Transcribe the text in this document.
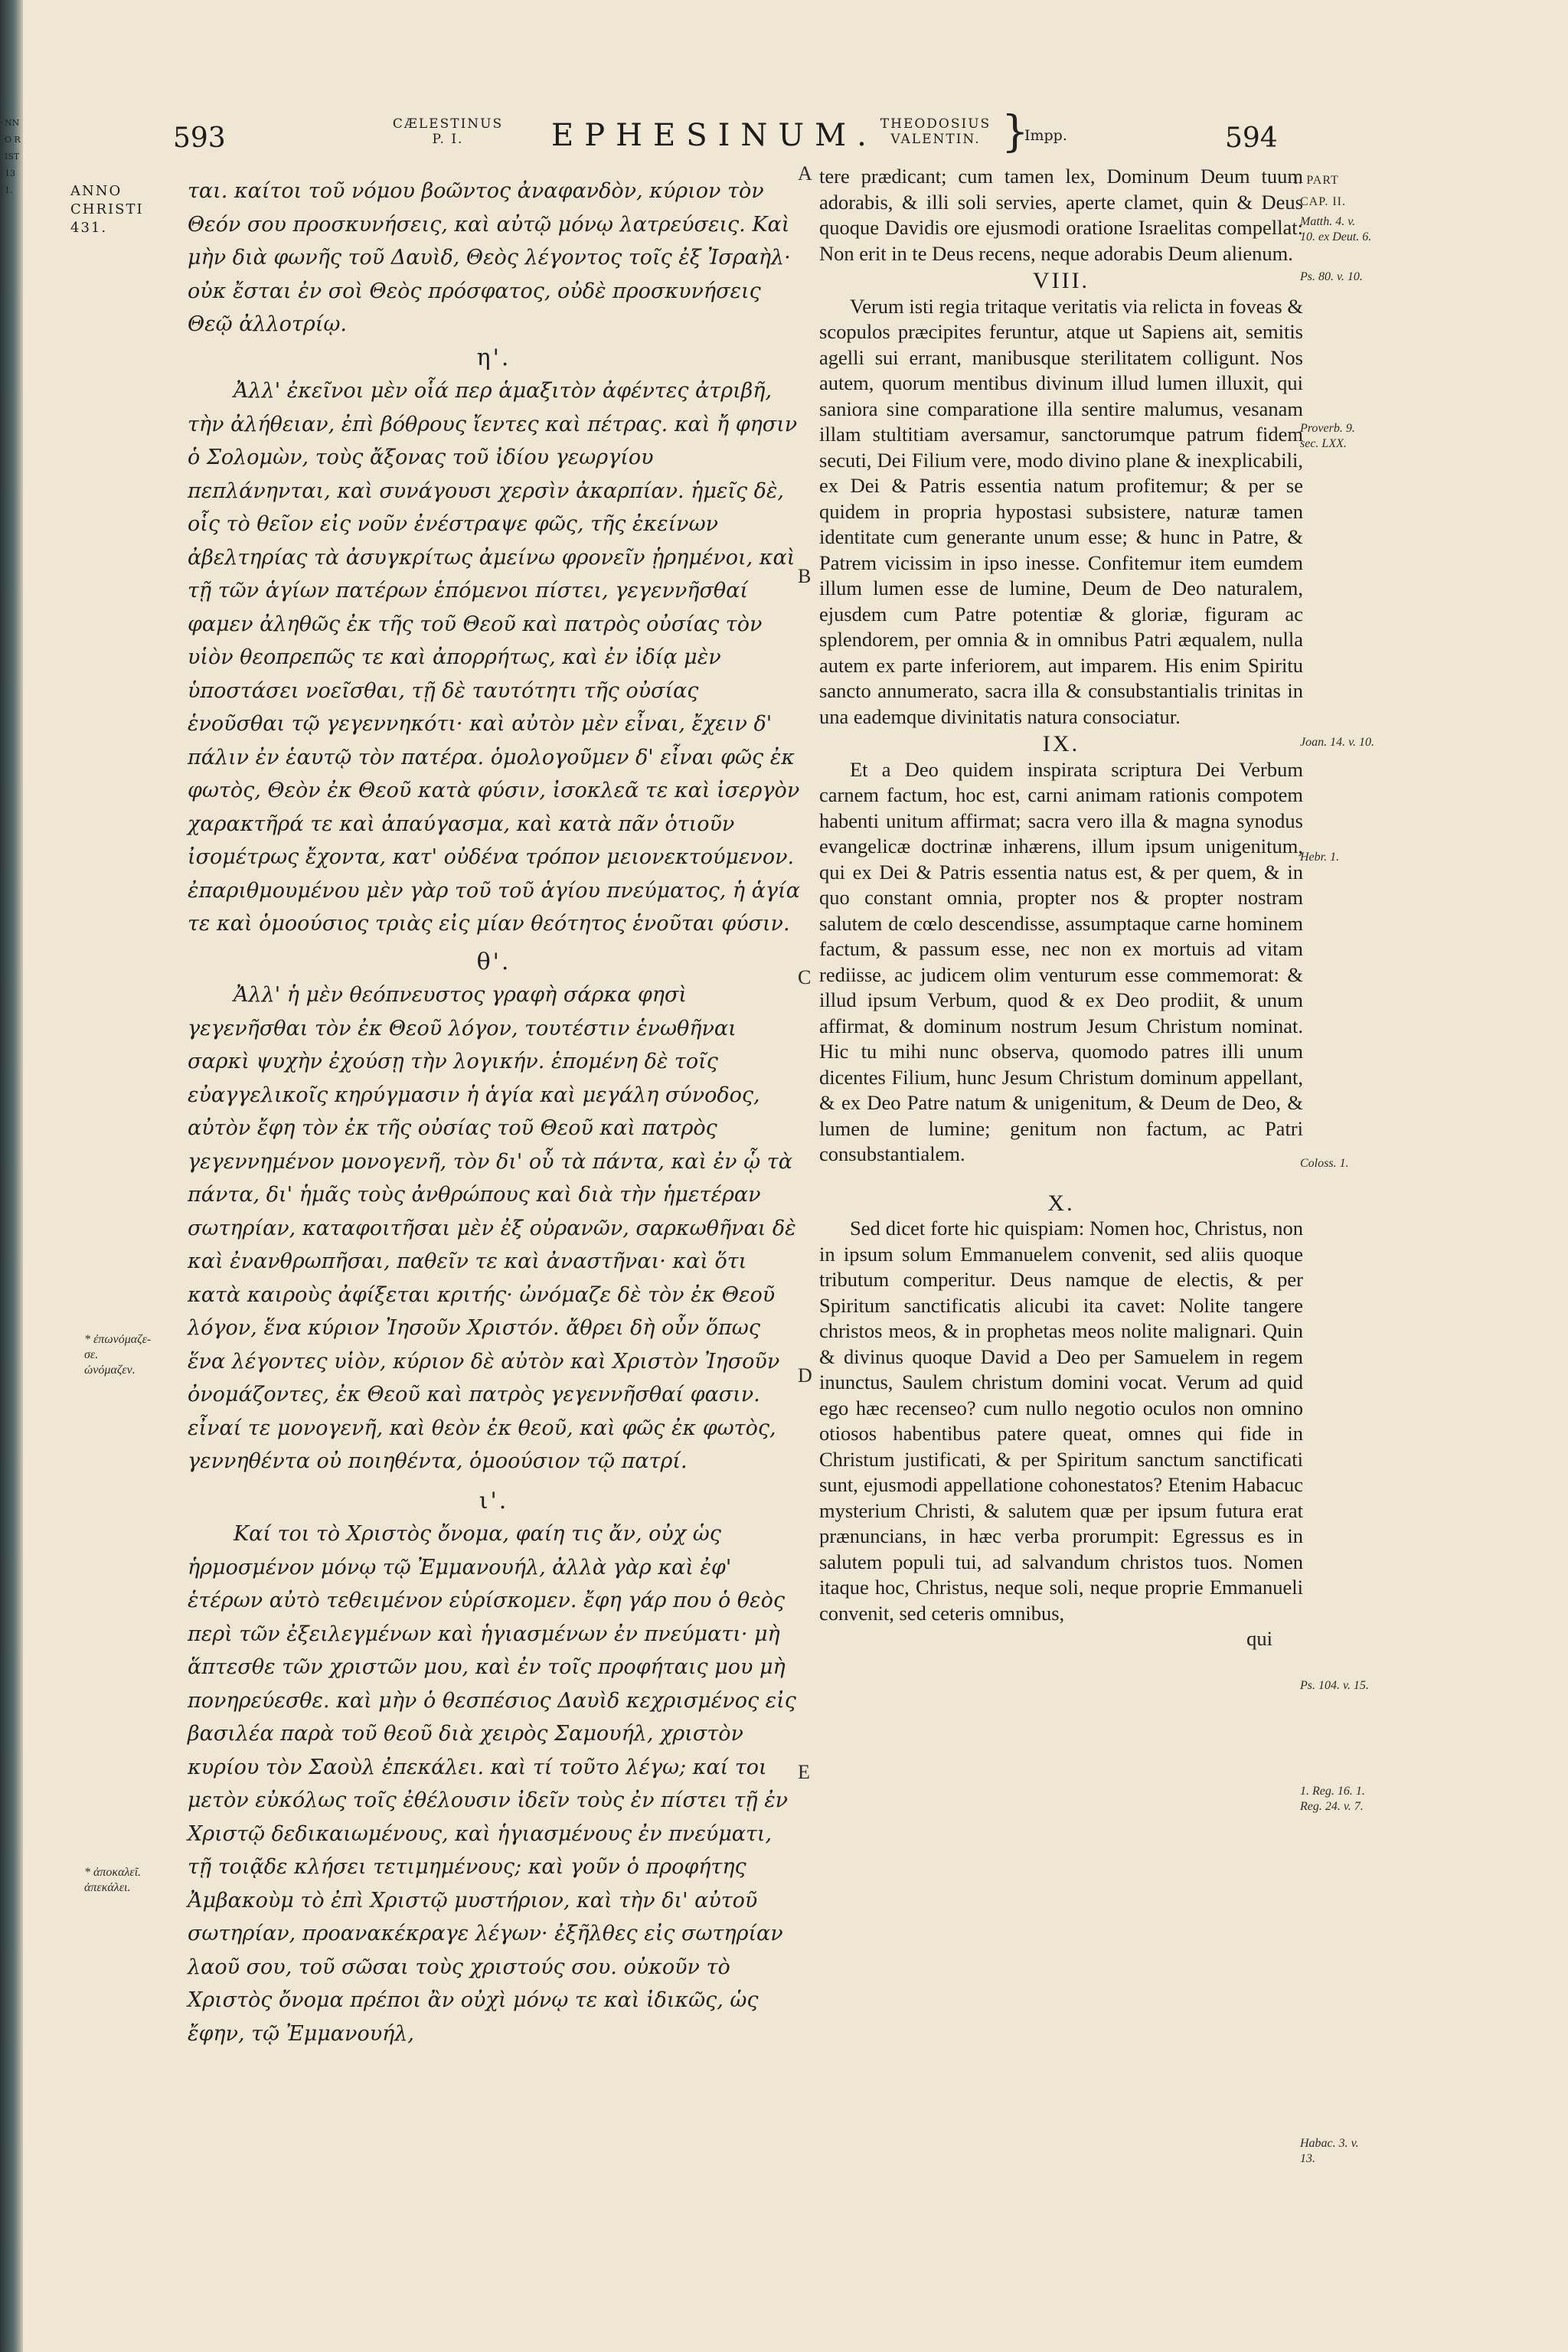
NNO RIST 131.
593	CÆLESTINUS
P. I.	EPHESINUM. THEODOSIUS
VALENTIN. }
Impp.	594
ANNO
CHRISTI
431.

ται. καίτοι τοῦ νόμου βοῶντος ἀναφανδὸν, κύριον τὸν Θεόν σου προσκυνήσεις, καὶ αὐτῷ μόνῳ λατρεύσεις. Καὶ μὴν διὰ φωνῆς τοῦ Δαυὶδ, Θεὸς λέγοντος τοῖς ἐξ Ἰσραὴλ· οὐκ ἔσται ἐν σοὶ Θεὸς πρόσφατος, οὐδὲ προσκυνήσεις Θεῷ ἀλλοτρίῳ.

η'.

Ἀλλ' ἐκεῖνοι μὲν οἷά περ ἁμαξιτὸν ἀφέντες ἀτριβῆ, τὴν ἀλήθειαν, ἐπὶ βόθρους ἴεντες καὶ πέτρας. καὶ ἤ φησιν ὁ Σολομὼν, τοὺς ἄξονας τοῦ ἰδίου γεωργίου πεπλάνηνται, καὶ συνάγουσι χερσὶν ἀκαρπίαν. ἡμεῖς δὲ, οἷς τὸ θεῖον εἰς νοῦν ἐνέστραψε φῶς, τῆς ἐκείνων ἀβελτηρίας τὰ ἀσυγκρίτως ἀμείνω φρονεῖν ᾑρημένοι, καὶ τῇ τῶν ἁγίων πατέρων ἑπόμενοι πίστει, γεγεννῆσθαί φαμεν ἀληθῶς ἐκ τῆς τοῦ Θεοῦ καὶ πατρὸς οὐσίας τὸν υἱὸν θεοπρεπῶς τε καὶ ἀπορρήτως, καὶ ἐν ἰδίᾳ μὲν ὑποστάσει νοεῖσθαι, τῇ δὲ ταυτότητι τῆς οὐσίας ἑνοῦσθαι τῷ γεγεννηκότι· καὶ αὐτὸν μὲν εἶναι, ἔχειν δ' πάλιν ἐν ἑαυτῷ τὸν πατέρα. ὁμολογοῦμεν δ' εἶναι φῶς ἐκ φωτὸς, Θεὸν ἐκ Θεοῦ κατὰ φύσιν, ἰσοκλεᾶ τε καὶ ἰσεργὸν χαρακτῆρά τε καὶ ἀπαύγασμα, καὶ κατὰ πᾶν ὁτιοῦν ἰσομέτρως ἔχοντα, κατ' οὐδένα τρόπον μειονεκτούμενον. ἐπαριθμουμένου μὲν γὰρ τοῦ τοῦ ἁγίου πνεύματος, ἡ ἁγία τε καὶ ὁμοούσιος τριὰς εἰς μίαν θεότητος ἑνοῦται φύσιν.

θ'.

Ἀλλ' ἡ μὲν θεόπνευστος γραφὴ σάρκα φησὶ γεγενῆσθαι τὸν ἐκ Θεοῦ λόγον, τουτέστιν ἑνωθῆναι σαρκὶ ψυχὴν ἐχούσῃ τὴν λογικήν. ἑπομένη δὲ τοῖς εὐαγγελικοῖς κηρύγμασιν ἡ ἁγία καὶ μεγάλη σύνοδος, αὐτὸν ἔφη τὸν ἐκ τῆς οὐσίας τοῦ Θεοῦ καὶ πατρὸς γεγεννημένον μονογενῆ, τὸν δι' οὗ τὰ πάντα, καὶ ἐν ᾧ τὰ πάντα, δι' ἡμᾶς τοὺς ἀνθρώπους καὶ διὰ τὴν ἡμετέραν σωτηρίαν, καταφοιτῆσαι μὲν ἐξ οὐρανῶν, σαρκωθῆναι δὲ καὶ ἐνανθρωπῆσαι, παθεῖν τε καὶ ἀναστῆναι· καὶ ὅτι κατὰ καιροὺς ἀφίξεται κριτής· ὠνόμαζε δὲ τὸν ἐκ Θεοῦ λόγον, ἕνα κύριον Ἰησοῦν Χριστόν. ἄθρει δὴ οὖν ὅπως ἕνα λέγοντες υἱὸν, κύριον δὲ αὐτὸν καὶ Χριστὸν Ἰησοῦν ὀνομάζοντες, ἐκ Θεοῦ καὶ πατρὸς γεγεννῆσθαί φασιν. εἶναί τε μονογενῆ, καὶ θεὸν ἐκ θεοῦ, καὶ φῶς ἐκ φωτὸς, γεννηθέντα οὐ ποιηθέντα, ὁμοούσιον τῷ πατρί.

ι'.

Καί τοι τὸ Χριστὸς ὄνομα, φαίη τις ἄν, οὐχ ὡς ἡρμοσμένον μόνῳ τῷ Ἐμμανουήλ, ἀλλὰ γὰρ καὶ ἐφ' ἑτέρων αὐτὸ τεθειμένον εὑρίσκομεν. ἔφη γάρ που ὁ θεὸς περὶ τῶν ἐξειλεγμένων καὶ ἡγιασμένων ἐν πνεύματι· μὴ ἅπτεσθε τῶν χριστῶν μου, καὶ ἐν τοῖς προφήταις μου μὴ πονηρεύεσθε. καὶ μὴν ὁ θεσπέσιος Δαυὶδ κεχρισμένος εἰς βασιλέα παρὰ τοῦ θεοῦ διὰ χειρὸς Σαμουήλ, χριστὸν κυρίου τὸν Σαοὺλ ἐπεκάλει. καὶ τί τοῦτο λέγω; καί τοι μετὸν εὐκόλως τοῖς ἐθέλουσιν ἰδεῖν τοὺς ἐν πίστει τῇ ἐν Χριστῷ δεδικαιωμένους, καὶ ἡγιασμένους ἐν πνεύματι, τῇ τοιᾷδε κλήσει τετιμημένους; καὶ γοῦν ὁ προφήτης Ἀμβακοὺμ τὸ ἐπὶ Χριστῷ μυστήριον, καὶ τὴν δι' αὐτοῦ σωτηρίαν, προανακέκραγε λέγων· ἐξῆλθες εἰς σωτηρίαν λαοῦ σου, τοῦ σῶσαι τοὺς χριστούς σου. οὐκοῦν τὸ Χριστὸς ὄνομα πρέποι ἂν οὐχὶ μόνῳ τε καὶ ἰδικῶς, ὡς ἔφην, τῷ Ἐμμανουήλ,

A
B
C
D
E
* ἐπωνόμαζε-
σε.
ὠνόμαζεν.
* ἀποκαλεῖ.
ἀπεκάλει.

tere prædicant; cum tamen lex, Dominum Deum tuum adorabis, & illi soli servies, aperte clamet, quin & Deus quoque Davidis ore ejusmodi oratione Israelitas compellat: Non erit in te Deus recens, neque adorabis Deum alienum.

VIII.

Verum isti regia tritaque veritatis via relicta in foveas & scopulos præcipites feruntur, atque ut Sapiens ait, semitis agelli sui errant, manibusque sterilitatem colligunt. Nos autem, quorum mentibus divinum illud lumen illuxit, qui saniora sine comparatione illa sentire malumus, vesanam illam stultitiam aversamur, sanctorumque patrum fidem secuti, Dei Filium vere, modo divino plane & inexplicabili, ex Dei & Patris essentia natum profitemur; & per se quidem in propria hypostasi subsistere, naturæ tamen identitate cum generante unum esse; & hunc in Patre, & Patrem vicissim in ipso inesse. Confitemur item eumdem illum lumen esse de lumine, Deum de Deo naturalem, ejusdem cum Patre potentiæ & gloriæ, figuram ac splendorem, per omnia & in omnibus Patri æqualem, nulla autem ex parte inferiorem, aut imparem. His enim Spiritu sancto annumerato, sacra illa & consubstantialis trinitas in una eademque divinitatis natura consociatur.

IX.

Et a Deo quidem inspirata scriptura Dei Verbum carnem factum, hoc est, carni animam rationis compotem habenti unitum affirmat; sacra vero illa & magna synodus evangelicæ doctrinæ inhærens, illum ipsum unigenitum, qui ex Dei & Patris essentia natus est, & per quem, & in quo constant omnia, propter nos & propter nostram salutem de cœlo descendisse, assumptaque carne hominem factum, & passum esse, nec non ex mortuis ad vitam rediisse, ac judicem olim venturum esse commemorat: & illud ipsum Verbum, quod & ex Deo prodiit, & unum affirmat, & dominum nostrum Jesum Christum nominat. Hic tu mihi nunc observa, quomodo patres illi unum dicentes Filium, hunc Jesum Christum dominum appellant, & ex Deo Patre natum & unigenitum, & Deum de Deo, & lumen de lumine; genitum non factum, ac Patri consubstantialem.

X.

Sed dicet forte hic quispiam: Nomen hoc, Christus, non in ipsum solum Emmanuelem convenit, sed aliis quoque tributum comperitur. Deus namque de electis, & per Spiritum sanctificatis alicubi ita cavet: Nolite tangere christos meos, & in prophetas meos nolite malignari. Quin & divinus quoque David a Deo per Samuelem in regem inunctus, Saulem christum domini vocat. Verum ad quid ego hæc recenseo? cum nullo negotio oculos non omnino otiosos habentibus patere queat, omnes qui fide in Christum justificati, & per Spiritum sanctum sanctificati sunt, ejusmodi appellatione cohonestatos? Etenim Habacuc mysterium Christi, & salutem quæ per ipsum futura erat prænuncians, in hæc verba prorumpit: Egressus es in salutem populi tui, ad salvandum christos tuos. Nomen itaque hoc, Christus, neque soli, neque proprie Emmanueli convenit, sed ceteris omnibus,

qui

I. PART
CAP. II.
Matth. 4. v. 10. ex Deut. 6.
Ps. 80. v. 10.
Proverb. 9. sec. LXX.
Joan. 14. v. 10.
Hebr. 1.
Coloss. 1.
Ps. 104. v. 15.
1. Reg. 16. 1. Reg. 24. v. 7.
Habac. 3. v. 13.
